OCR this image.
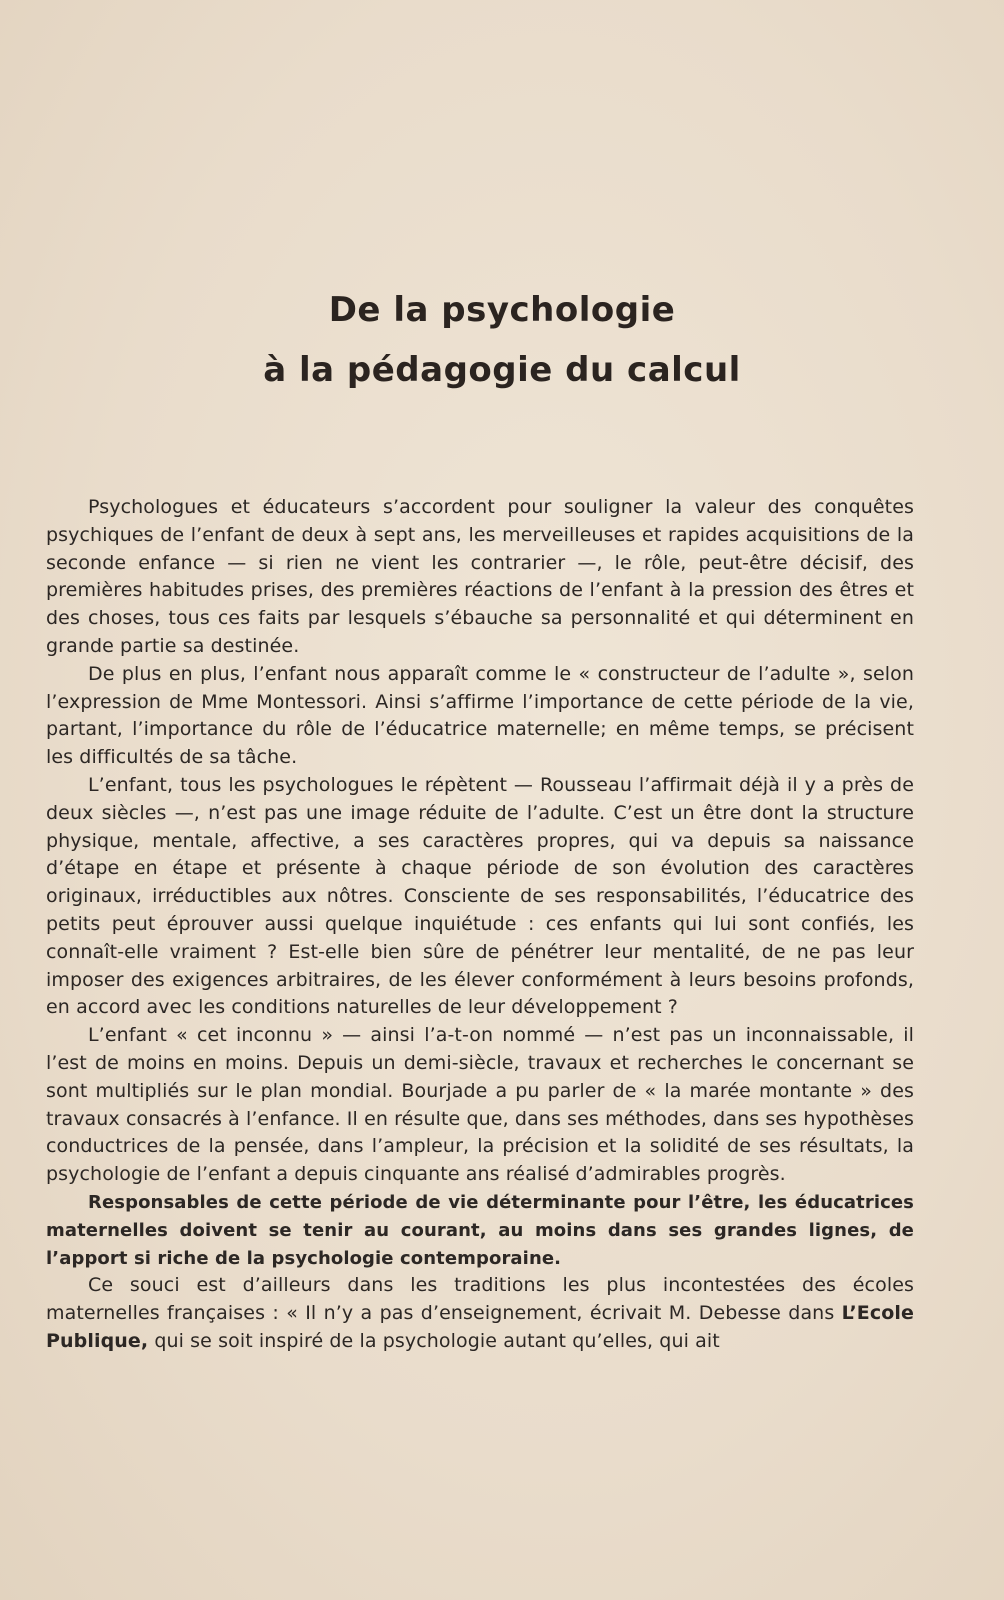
De la psychologie
à la pédagogie du calcul

Psychologues et éducateurs s’accordent pour souligner la valeur des conquêtes psychiques de l’enfant de deux à sept ans, les merveilleuses et rapides acquisitions de la seconde enfance — si rien ne vient les contrarier —, le rôle, peut-être décisif, des premières habitudes prises, des premières réactions de l’enfant à la pression des êtres et des choses, tous ces faits par lesquels s’ébauche sa personnalité et qui déterminent en grande partie sa destinée.

De plus en plus, l’enfant nous apparaît comme le « constructeur de l’adulte », selon l’expression de Mme Montessori. Ainsi s’affirme l’importance de cette période de la vie, partant, l’importance du rôle de l’éducatrice maternelle; en même temps, se précisent les difficultés de sa tâche.

L’enfant, tous les psychologues le répètent — Rousseau l’affirmait déjà il y a près de deux siècles —, n’est pas une image réduite de l’adulte. C’est un être dont la structure physique, mentale, affective, a ses caractères propres, qui va depuis sa naissance d’étape en étape et présente à chaque période de son évolution des caractères originaux, irréductibles aux nôtres. Consciente de ses responsabilités, l’éducatrice des petits peut éprouver aussi quelque inquiétude : ces enfants qui lui sont confiés, les connaît-elle vraiment ? Est-elle bien sûre de pénétrer leur mentalité, de ne pas leur imposer des exigences arbitraires, de les élever conformément à leurs besoins profonds, en accord avec les conditions naturelles de leur développement ?

L’enfant « cet inconnu » — ainsi l’a-t-on nommé — n’est pas un inconnaissable, il l’est de moins en moins. Depuis un demi-siècle, travaux et recherches le concernant se sont multipliés sur le plan mondial. Bourjade a pu parler de « la marée montante » des travaux consacrés à l’enfance. Il en résulte que, dans ses méthodes, dans ses hypothèses conductrices de la pensée, dans l’ampleur, la précision et la solidité de ses résultats, la psychologie de l’enfant a depuis cinquante ans réalisé d’admirables progrès.

Responsables de cette période de vie déterminante pour l’être, les éducatrices maternelles doivent se tenir au courant, au moins dans ses grandes lignes, de l’apport si riche de la psychologie contemporaine.

Ce souci est d’ailleurs dans les traditions les plus incontestées des écoles maternelles françaises : « Il n’y a pas d’enseignement, écrivait M. Debesse dans L’Ecole Publique, qui se soit inspiré de la psychologie autant qu’elles, qui ait
